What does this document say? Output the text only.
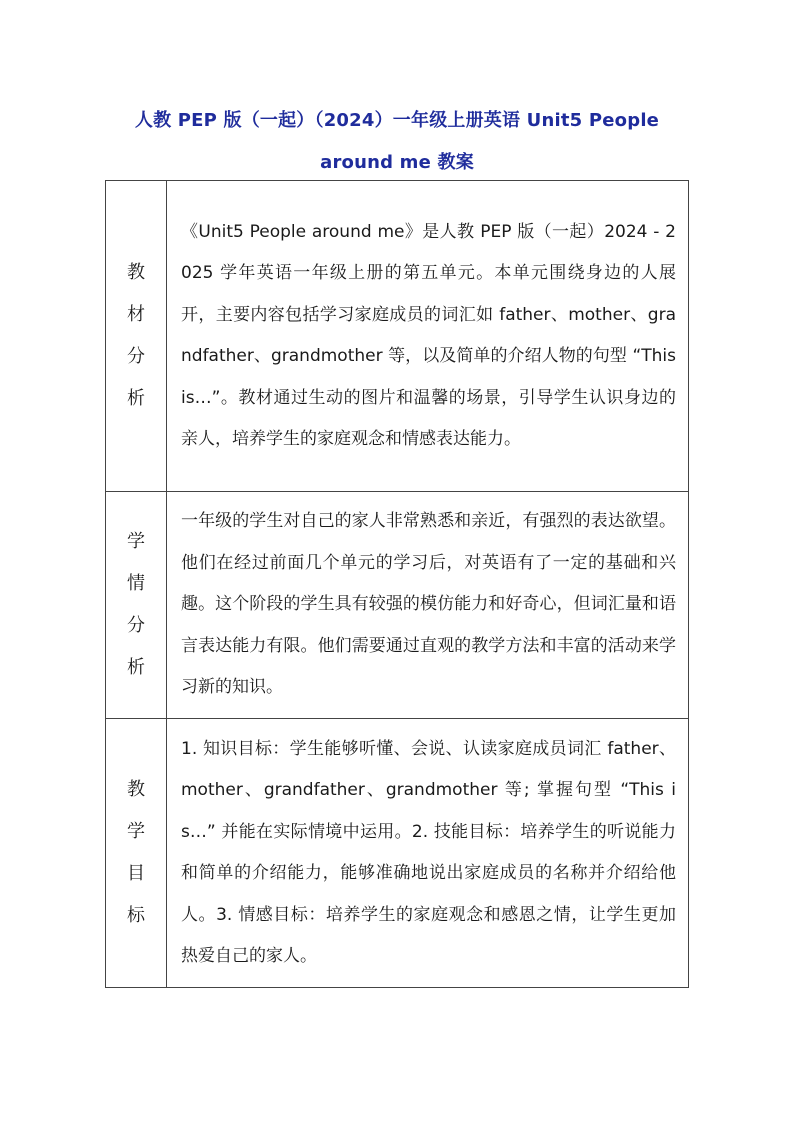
人教 PEP 版（一起）（2024）一年级上册英语 Unit5 People
around me 教案
教材分析	《Unit5 People around me》是人教 PEP 版（一起）2024 - 2025 学年英语一年级上册的第五单元。本单元围绕身边的人展开，主要内容包括学习家庭成员的词汇如 father、mother、grandfather、grandmother 等，以及简单的介绍人物的句型 “This is…”。教材通过生动的图片和温馨的场景，引导学生认识身边的亲人，培养学生的家庭观念和情感表达能力。
学情分析	一年级的学生对自己的家人非常熟悉和亲近，有强烈的表达欲望。他们在经过前面几个单元的学习后，对英语有了一定的基础和兴趣。这个阶段的学生具有较强的模仿能力和好奇心，但词汇量和语言表达能力有限。他们需要通过直观的教学方法和丰富的活动来学习新的知识。
教学目标	1. 知识目标：学生能够听懂、会说、认读家庭成员词汇 father、mother、grandfather、grandmother 等; 掌握句型 “This is…” 并能在实际情境中运用。2. 技能目标：培养学生的听说能力和简单的介绍能力，能够准确地说出家庭成员的名称并介绍给他人。3. 情感目标：培养学生的家庭观念和感恩之情，让学生更加热爱自己的家人。
